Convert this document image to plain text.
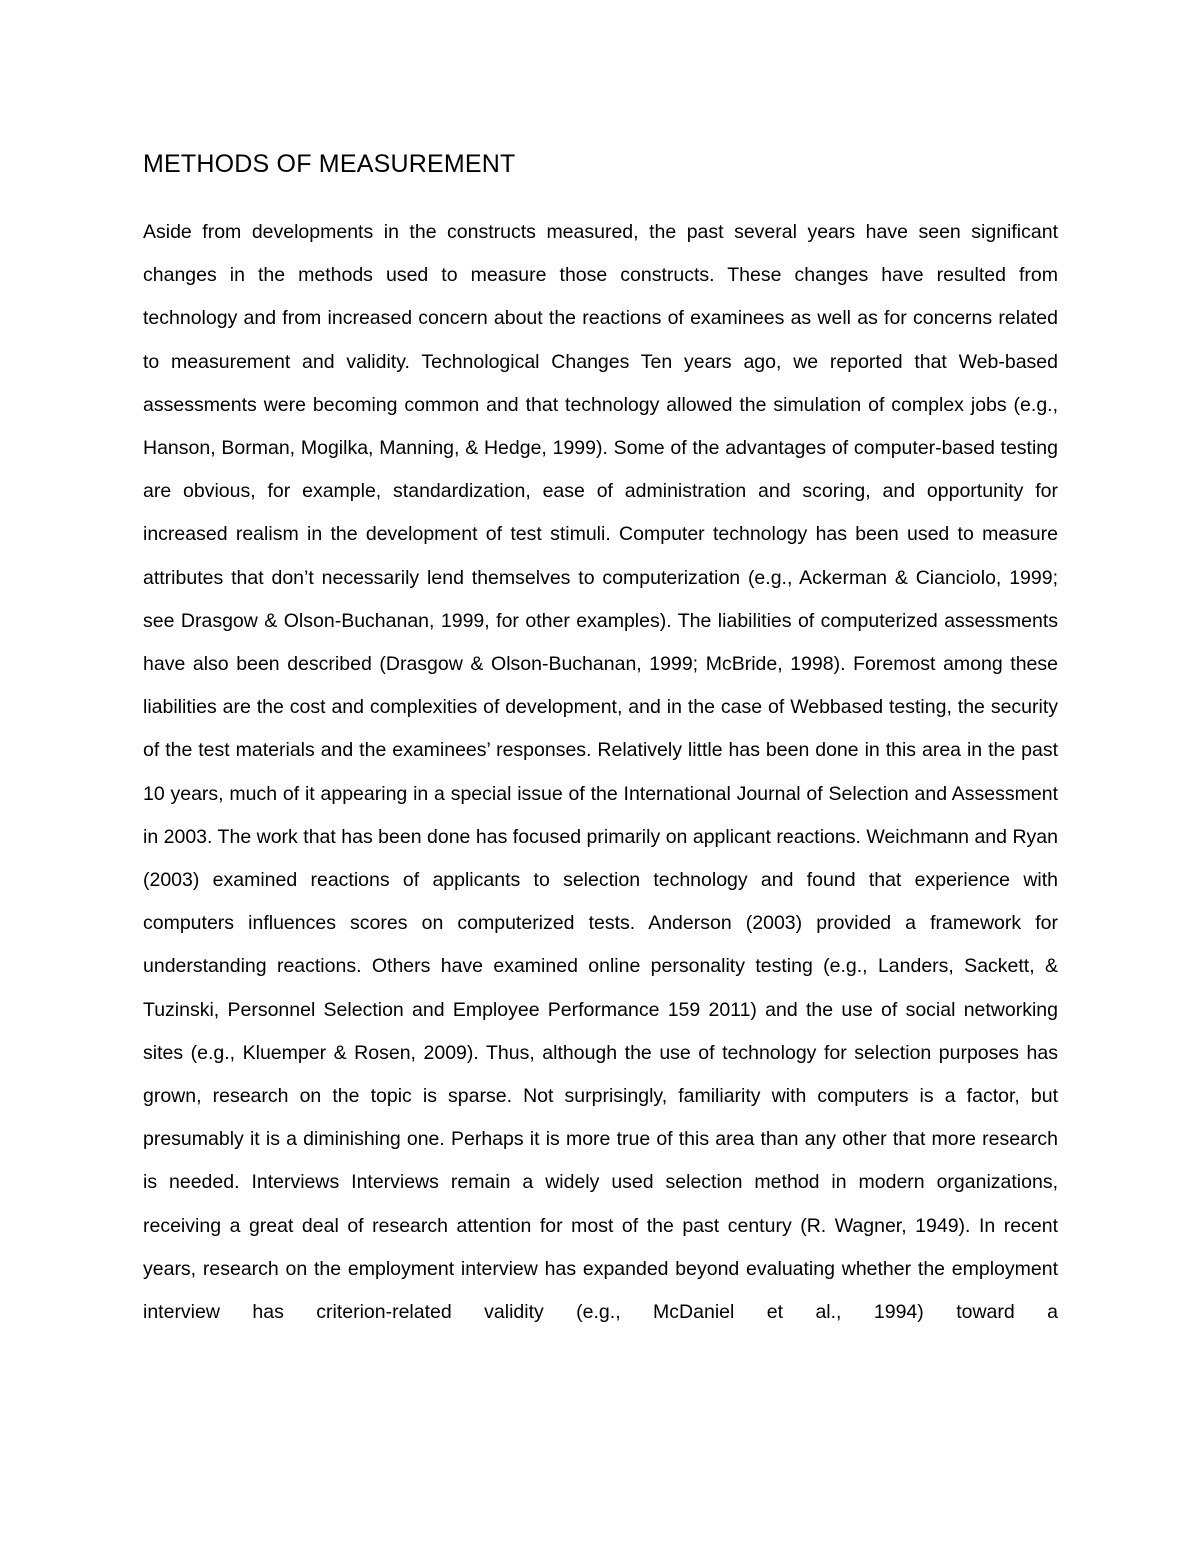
METHODS OF MEASUREMENT

Aside from developments in the constructs measured, the past several years have seen significant changes in the methods used to measure those constructs. These changes have resulted from technology and from increased concern about the reactions of examinees as well as for concerns related to measurement and validity. Technological Changes Ten years ago, we reported that Web-based assessments were becoming common and that technology allowed the simulation of complex jobs (e.g., Hanson, Borman, Mogilka, Manning, & Hedge, 1999). Some of the advantages of computer-based testing are obvious, for example, standardization, ease of administration and scoring, and opportunity for increased realism in the development of test stimuli. Computer technology has been used to measure attributes that don’t necessarily lend themselves to computerization (e.g., Ackerman & Cianciolo, 1999; see Drasgow & Olson-Buchanan, 1999, for other examples). The liabilities of computerized assessments have also been described (Drasgow & Olson-Buchanan, 1999; McBride, 1998). Foremost among these liabilities are the cost and complexities of development, and in the case of Webbased testing, the security of the test materials and the examinees’ responses. Relatively little has been done in this area in the past 10 years, much of it appearing in a special issue of the International Journal of Selection and Assessment in 2003. The work that has been done has focused primarily on applicant reactions. Weichmann and Ryan (2003) examined reactions of applicants to selection technology and found that experience with computers influences scores on computerized tests. Anderson (2003) provided a framework for understanding reactions. Others have examined online personality testing (e.g., Landers, Sackett, & Tuzinski, Personnel Selection and Employee Performance 159 2011) and the use of social networking sites (e.g., Kluemper & Rosen, 2009). Thus, although the use of technology for selection purposes has grown, research on the topic is sparse. Not surprisingly, familiarity with computers is a factor, but presumably it is a diminishing one. Perhaps it is more true of this area than any other that more research is needed. Interviews Interviews remain a widely used selection method in modern organizations, receiving a great deal of research attention for most of the past century (R. Wagner, 1949). In recent years, research on the employment interview has expanded beyond evaluating whether the employment interview has criterion-related validity (e.g., McDaniel et al., 1994) toward a
